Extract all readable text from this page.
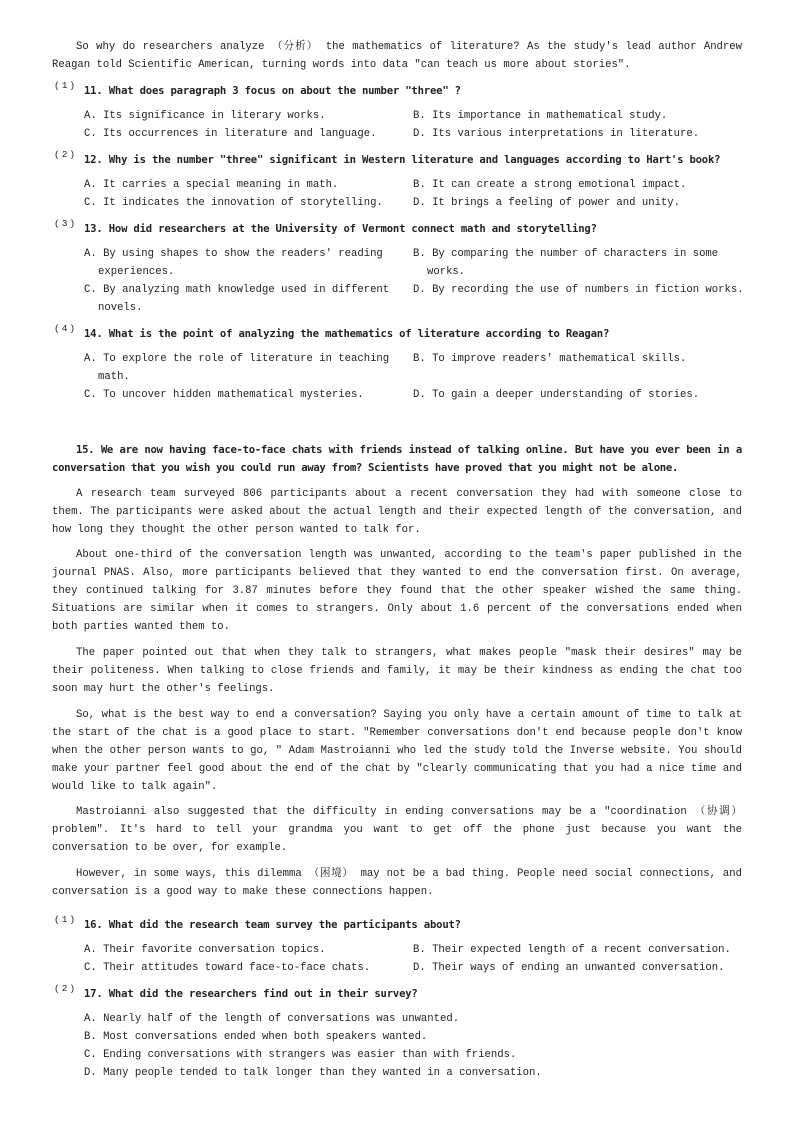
So why do researchers analyze （分析） the mathematics of literature? As the study's lead author Andrew Reagan told Scientific American, turning words into data "can teach us more about stories".
(1) 11. What does paragraph 3 focus on about the number "three" ?
A. Its significance in literary works.	B. Its importance in mathematical study.
C. Its occurrences in literature and language.	D. Its various interpretations in literature.
(2) 12. Why is the number "three" significant in Western literature and languages according to Hart's book?
A. It carries a special meaning in math.	B. It can create a strong emotional impact.
C. It indicates the innovation of storytelling.	D. It brings a feeling of power and unity.
(3) 13. How did researchers at the University of Vermont connect math and storytelling?
A. By using shapes to show the readers' reading
experiences.
B. By comparing the number of characters in some
works.
C. By analyzing math knowledge used in different
novels.
D. By recording the use of numbers in fiction works.
(4) 14. What is the point of analyzing the mathematics of literature according to Reagan?
A. To explore the role of literature in teaching
math.
B. To improve readers' mathematical skills.
C. To uncover hidden mathematical mysteries.	D. To gain a deeper understanding of stories.
15. We are now having face-to-face chats with friends instead of talking online. But have you ever been in a conversation that you wish you could run away from? Scientists have proved that you might not be alone.
A research team surveyed 806 participants about a recent conversation they had with someone close to them. The participants were asked about the actual length and their expected length of the conversation, and how long they thought the other person wanted to talk for.
About one-third of the conversation length was unwanted, according to the team's paper published in the journal PNAS. Also, more participants believed that they wanted to end the conversation first. On average, they continued talking for 3.87 minutes before they found that the other speaker wished the same thing. Situations are similar when it comes to strangers. Only about 1.6 percent of the conversations ended when both parties wanted them to.
The paper pointed out that when they talk to strangers, what makes people "mask their desires" may be their politeness. When talking to close friends and family, it may be their kindness as ending the chat too soon may hurt the other's feelings.
So, what is the best way to end a conversation? Saying you only have a certain amount of time to talk at the start of the chat is a good place to start. "Remember conversations don't end because people don't know when the other person wants to go, " Adam Mastroianni who led the study told the Inverse website. You should make your partner feel good about the end of the chat by "clearly communicating that you had a nice time and would like to talk again".
Mastroianni also suggested that the difficulty in ending conversations may be a "coordination （协调） problem". It's hard to tell your grandma you want to get off the phone just because you want the conversation to be over, for example.
However, in some ways, this dilemma （困境） may not be a bad thing. People need social connections, and conversation is a good way to make these connections happen.
(1) 16. What did the research team survey the participants about?
A. Their favorite conversation topics.	B. Their expected length of a recent conversation.
C. Their attitudes toward face-to-face chats.	D. Their ways of ending an unwanted conversation.
(2) 17. What did the researchers find out in their survey?
A. Nearly half of the length of conversations was unwanted.
B. Most conversations ended when both speakers wanted.
C. Ending conversations with strangers was easier than with friends.
D. Many people tended to talk longer than they wanted in a conversation.
